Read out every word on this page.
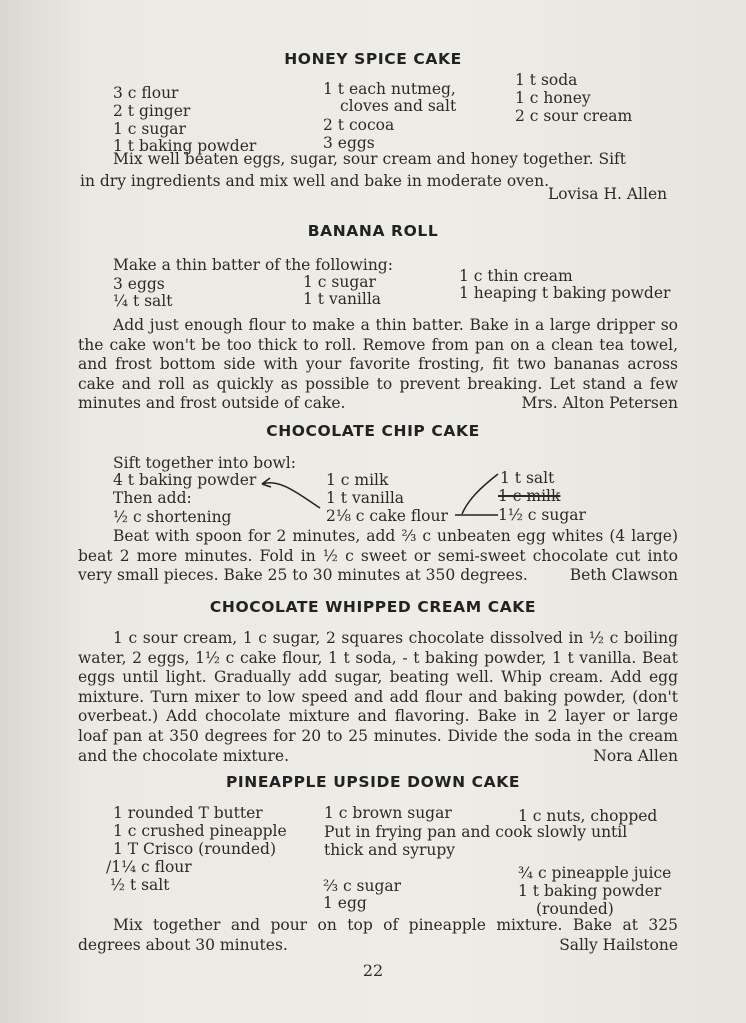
HONEY SPICE CAKE
3 c flour
2 t ginger
1 c sugar
1 t baking powder
1 t each nutmeg,
cloves and salt
2 t cocoa
3 eggs
1 t soda
1 c honey
2 c sour cream
Mix well beaten eggs, sugar, sour cream and honey together. Sift
in dry ingredients and mix well and bake in moderate oven.
Lovisa H. Allen
BANANA ROLL
Make a thin batter of the following:
3 eggs
¼ t salt
1 c sugar
1 t vanilla
1 c thin cream
1 heaping t baking powder
Add just enough flour to make a thin batter. Bake in a large dripper so the cake won't be too thick to roll. Remove from pan on a clean tea towel, and frost bottom side with your favorite frosting, fit two bananas across cake and roll as quickly as possible to prevent breaking. Let stand a few minutes and frost outside of cake.	Mrs. Alton Petersen
CHOCOLATE CHIP CAKE
Sift together into bowl:
4 t baking powder
Then add:
½ c shortening
1 c milk
1 t vanilla
2⅛ c cake flour
1 t salt
1 c milk
1½ c sugar
Beat with spoon for 2 minutes, add ⅔ c unbeaten egg whites (4 large) beat 2 more minutes. Fold in ½ c sweet or semi-sweet chocolate cut into very small pieces. Bake 25 to 30 minutes at 350 degrees.	Beth Clawson
CHOCOLATE WHIPPED CREAM CAKE
1 c sour cream, 1 c sugar, 2 squares chocolate dissolved in ½ c boiling water, 2 eggs, 1½ c cake flour, 1 t soda, - t baking powder, 1 t vanilla. Beat eggs until light. Gradually add sugar, beating well. Whip cream. Add egg mixture. Turn mixer to low speed and add flour and baking powder, (don't overbeat.) Add chocolate mixture and flavoring. Bake in 2 layer or large loaf pan at 350 degrees for 20 to 25 minutes. Divide the soda in the cream and the chocolate mixture.	Nora Allen
PINEAPPLE UPSIDE DOWN CAKE
1 rounded T butter
1 c crushed pineapple
1 T Crisco (rounded)
/1¼ c flour
½ t salt
1 c brown sugar
Put in frying pan and cook slowly until
thick and syrupy
⅔ c sugar
1 egg
1 c nuts, chopped
¾ c pineapple juice
1 t baking powder
(rounded)
Mix together and pour on top of pineapple mixture. Bake at 325 degrees about 30 minutes.	Sally Hailstone
22
